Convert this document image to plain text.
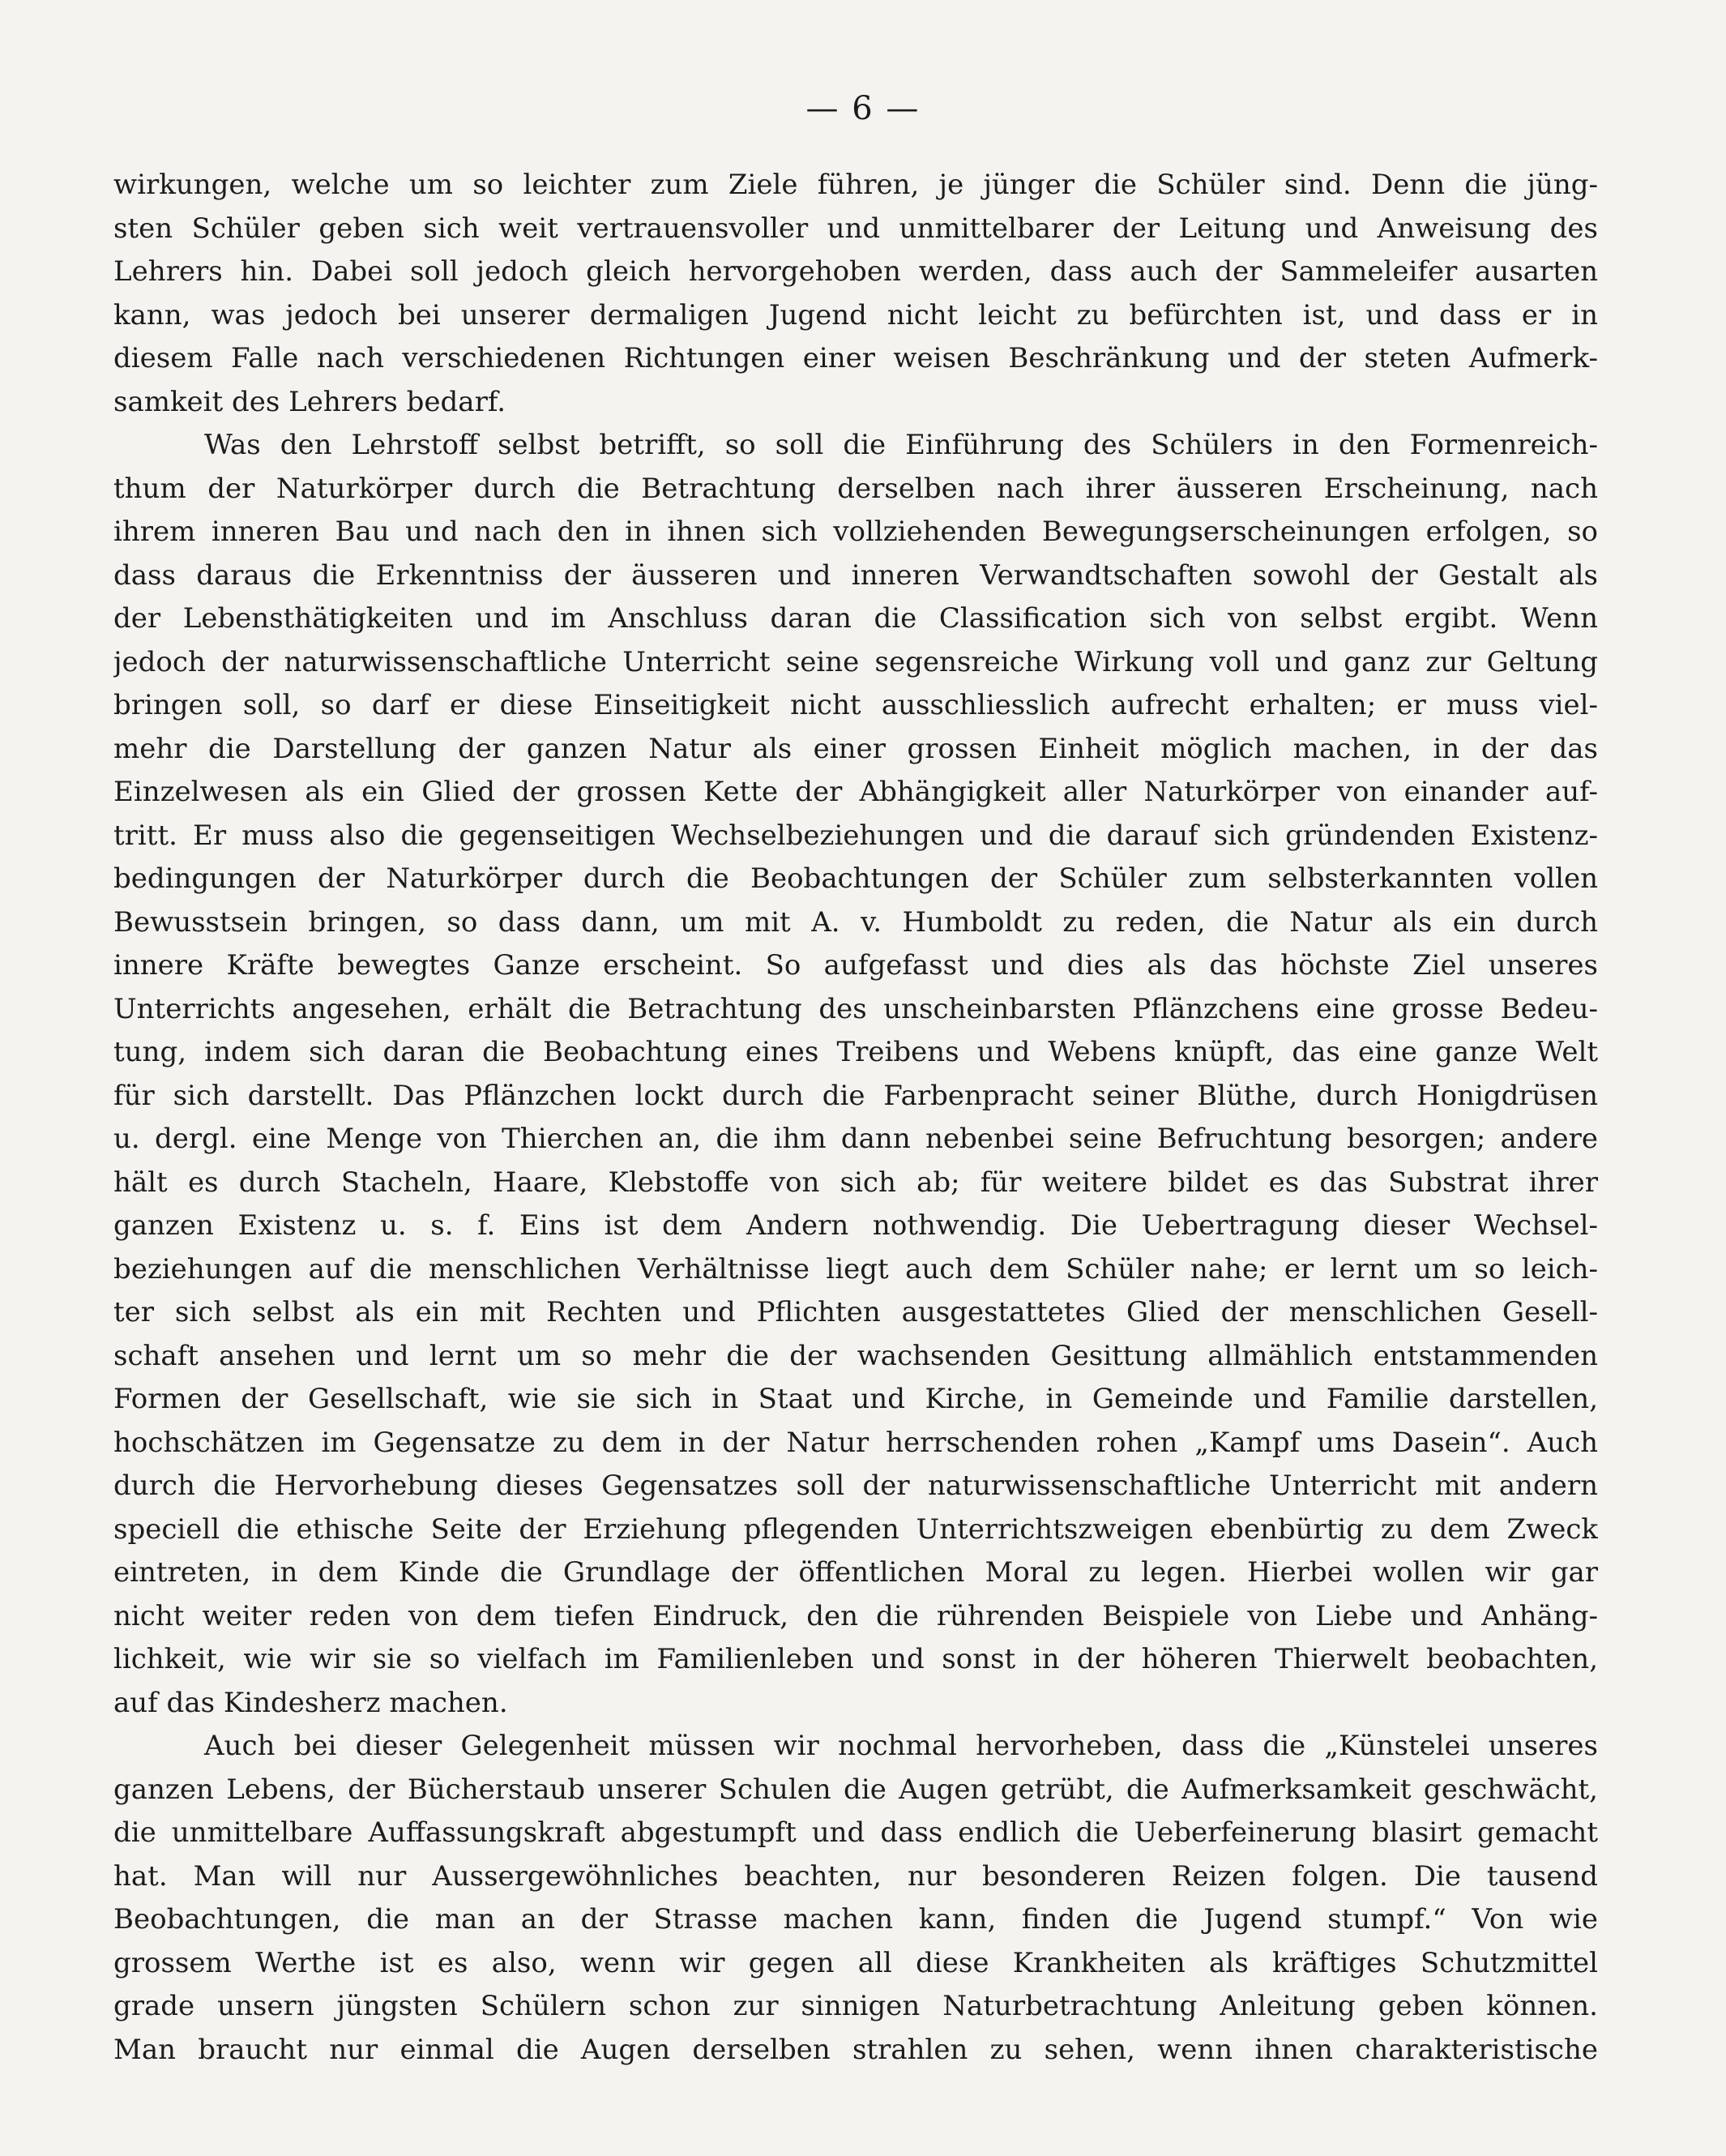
— 6 —
wirkungen, welche um so leichter zum Ziele führen, je jünger die Schüler sind. Denn die jüng-
sten Schüler geben sich weit vertrauensvoller und unmittelbarer der Leitung und Anweisung des
Lehrers hin. Dabei soll jedoch gleich hervorgehoben werden, dass auch der Sammeleifer ausarten
kann, was jedoch bei unserer dermaligen Jugend nicht leicht zu befürchten ist, und dass er in
diesem Falle nach verschiedenen Richtungen einer weisen Beschränkung und der steten Aufmerk-
samkeit des Lehrers bedarf.
Was den Lehrstoff selbst betrifft, so soll die Einführung des Schülers in den Formenreich-
thum der Naturkörper durch die Betrachtung derselben nach ihrer äusseren Erscheinung, nach
ihrem inneren Bau und nach den in ihnen sich vollziehenden Bewegungserscheinungen erfolgen, so
dass daraus die Erkenntniss der äusseren und inneren Verwandtschaften sowohl der Gestalt als
der Lebensthätigkeiten und im Anschluss daran die Classification sich von selbst ergibt. Wenn
jedoch der naturwissenschaftliche Unterricht seine segensreiche Wirkung voll und ganz zur Geltung
bringen soll, so darf er diese Einseitigkeit nicht ausschliesslich aufrecht erhalten; er muss viel-
mehr die Darstellung der ganzen Natur als einer grossen Einheit möglich machen, in der das
Einzelwesen als ein Glied der grossen Kette der Abhängigkeit aller Naturkörper von einander auf-
tritt. Er muss also die gegenseitigen Wechselbeziehungen und die darauf sich gründenden Existenz-
bedingungen der Naturkörper durch die Beobachtungen der Schüler zum selbsterkannten vollen
Bewusstsein bringen, so dass dann, um mit A. v. Humboldt zu reden, die Natur als ein durch
innere Kräfte bewegtes Ganze erscheint. So aufgefasst und dies als das höchste Ziel unseres
Unterrichts angesehen, erhält die Betrachtung des unscheinbarsten Pflänzchens eine grosse Bedeu-
tung, indem sich daran die Beobachtung eines Treibens und Webens knüpft, das eine ganze Welt
für sich darstellt. Das Pflänzchen lockt durch die Farbenpracht seiner Blüthe, durch Honigdrüsen
u. dergl. eine Menge von Thierchen an, die ihm dann nebenbei seine Befruchtung besorgen; andere
hält es durch Stacheln, Haare, Klebstoffe von sich ab; für weitere bildet es das Substrat ihrer
ganzen Existenz u. s. f. Eins ist dem Andern nothwendig. Die Uebertragung dieser Wechsel-
beziehungen auf die menschlichen Verhältnisse liegt auch dem Schüler nahe; er lernt um so leich-
ter sich selbst als ein mit Rechten und Pflichten ausgestattetes Glied der menschlichen Gesell-
schaft ansehen und lernt um so mehr die der wachsenden Gesittung allmählich entstammenden
Formen der Gesellschaft, wie sie sich in Staat und Kirche, in Gemeinde und Familie darstellen,
hochschätzen im Gegensatze zu dem in der Natur herrschenden rohen „Kampf ums Dasein“. Auch
durch die Hervorhebung dieses Gegensatzes soll der naturwissenschaftliche Unterricht mit andern
speciell die ethische Seite der Erziehung pflegenden Unterrichtszweigen ebenbürtig zu dem Zweck
eintreten, in dem Kinde die Grundlage der öffentlichen Moral zu legen. Hierbei wollen wir gar
nicht weiter reden von dem tiefen Eindruck, den die rührenden Beispiele von Liebe und Anhäng-
lichkeit, wie wir sie so vielfach im Familienleben und sonst in der höheren Thierwelt beobachten,
auf das Kindesherz machen.
Auch bei dieser Gelegenheit müssen wir nochmal hervorheben, dass die „Künstelei unseres
ganzen Lebens, der Bücherstaub unserer Schulen die Augen getrübt, die Aufmerksamkeit geschwächt,
die unmittelbare Auffassungskraft abgestumpft und dass endlich die Ueberfeinerung blasirt gemacht
hat. Man will nur Aussergewöhnliches beachten, nur besonderen Reizen folgen. Die tausend
Beobachtungen, die man an der Strasse machen kann, finden die Jugend stumpf.“ Von wie
grossem Werthe ist es also, wenn wir gegen all diese Krankheiten als kräftiges Schutzmittel
grade unsern jüngsten Schülern schon zur sinnigen Naturbetrachtung Anleitung geben können.
Man braucht nur einmal die Augen derselben strahlen zu sehen, wenn ihnen charakteristische
